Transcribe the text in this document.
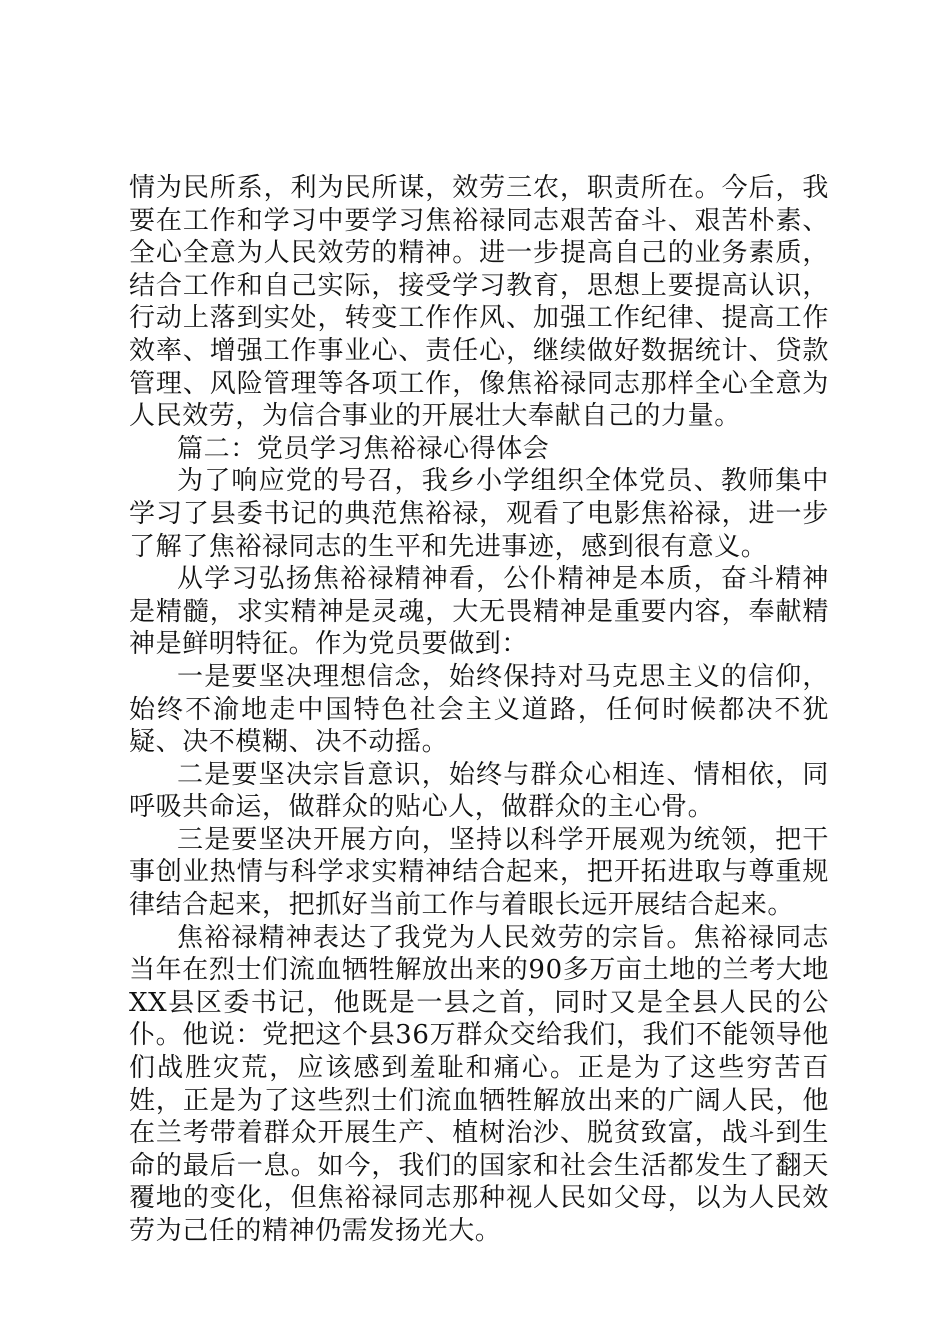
情为民所系，利为民所谋，效劳三农，职责所在。今后，我要在工作和学习中要学习焦裕禄同志艰苦奋斗、艰苦朴素、全心全意为人民效劳的精神。进一步提高自己的业务素质，结合工作和自己实际，接受学习教育，思想上要提高认识，行动上落到实处，转变工作作风、加强工作纪律、提高工作效率、增强工作事业心、责任心，继续做好数据统计、贷款管理、风险管理等各项工作，像焦裕禄同志那样全心全意为人民效劳，为信合事业的开展壮大奉献自己的力量。

篇二：党员学习焦裕禄心得体会

为了响应党的号召，我乡小学组织全体党员、教师集中学习了县委书记的典范焦裕禄，观看了电影焦裕禄，进一步了解了焦裕禄同志的生平和先进事迹，感到很有意义。

从学习弘扬焦裕禄精神看，公仆精神是本质，奋斗精神是精髓，求实精神是灵魂，大无畏精神是重要内容，奉献精神是鲜明特征。作为党员要做到：

一是要坚决理想信念，始终保持对马克思主义的信仰，始终不渝地走中国特色社会主义道路，任何时候都决不犹疑、决不模糊、决不动摇。

二是要坚决宗旨意识，始终与群众心相连、情相依，同呼吸共命运，做群众的贴心人，做群众的主心骨。

三是要坚决开展方向，坚持以科学开展观为统领，把干事创业热情与科学求实精神结合起来，把开拓进取与尊重规律结合起来，把抓好当前工作与着眼长远开展结合起来。

焦裕禄精神表达了我党为人民效劳的宗旨。焦裕禄同志当年在烈士们流血牺牲解放出来的90多万亩土地的兰考大地XX县区委书记，他既是一县之首，同时又是全县人民的公仆。他说：党把这个县36万群众交给我们，我们不能领导他们战胜灾荒，应该感到羞耻和痛心。正是为了这些穷苦百姓，正是为了这些烈士们流血牺牲解放出来的广阔人民，他在兰考带着群众开展生产、植树治沙、脱贫致富，战斗到生命的最后一息。如今，我们的国家和社会生活都发生了翻天覆地的变化，但焦裕禄同志那种视人民如父母，以为人民效劳为己任的精神仍需发扬光大。
